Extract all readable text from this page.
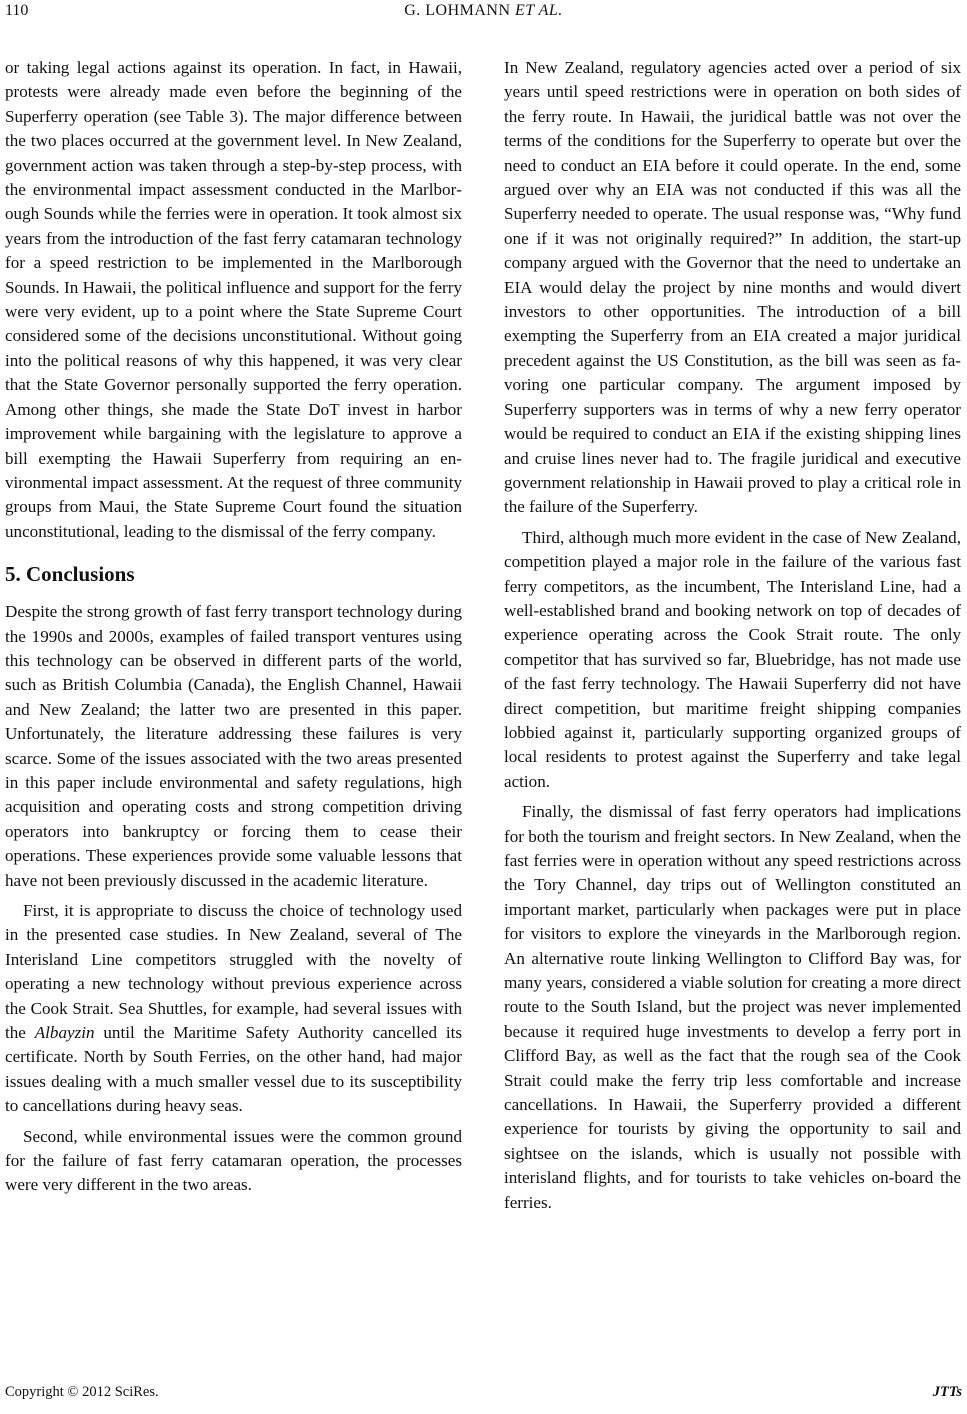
110	G. LOHMANN ET AL.

or taking legal actions against its operation. In fact, in Hawaii, protests were already made even before the beginning of the Superferry operation (see Table 3). The major difference between the two places occurred at the government level. In New Zealand, government action was taken through a step-by-step process, with the environmental impact assessment conducted in the Marlborough Sounds while the ferries were in operation. It took almost six years from the introduction of the fast ferry catamaran technology for a speed restriction to be implemented in the Marlborough Sounds. In Hawaii, the political influence and support for the ferry were very evident, up to a point where the State Supreme Court considered some of the decisions unconstitutional. Without going into the political reasons of why this happened, it was very clear that the State Governor personally supported the ferry operation. Among other things, she made the State DoT invest in harbor improvement while bargaining with the legislature to approve a bill exempting the Hawaii Superferry from requiring an environmental impact assessment. At the request of three community groups from Maui, the State Supreme Court found the situation unconstitutional, leading to the dismissal of the ferry company.

5. Conclusions

Despite the strong growth of fast ferry transport technology during the 1990s and 2000s, examples of failed transport ventures using this technology can be observed in different parts of the world, such as British Columbia (Canada), the English Channel, Hawaii and New Zealand; the latter two are presented in this paper. Unfortunately, the literature addressing these failures is very scarce. Some of the issues associated with the two areas presented in this paper include environmental and safety regulations, high acquisition and operating costs and strong competition driving operators into bankruptcy or forcing them to cease their operations. These experiences provide some valuable lessons that have not been previously discussed in the academic literature.

First, it is appropriate to discuss the choice of technology used in the presented case studies. In New Zealand, several of The Interisland Line competitors struggled with the novelty of operating a new technology without previous experience across the Cook Strait. Sea Shuttles, for example, had several issues with the Albayzin until the Maritime Safety Authority cancelled its certificate. North by South Ferries, on the other hand, had major issues dealing with a much smaller vessel due to its susceptibility to cancellations during heavy seas.

Second, while environmental issues were the common ground for the failure of fast ferry catamaran operation, the processes were very different in the two areas.

In New Zealand, regulatory agencies acted over a period of six years until speed restrictions were in operation on both sides of the ferry route. In Hawaii, the juridical battle was not over the terms of the conditions for the Superferry to operate but over the need to conduct an EIA before it could operate. In the end, some argued over why an EIA was not conducted if this was all the Superferry needed to operate. The usual response was, “Why fund one if it was not originally required?” In addition, the start-up company argued with the Governor that the need to undertake an EIA would delay the project by nine months and would divert investors to other opportunities. The introduction of a bill exempting the Superferry from an EIA created a major juridical precedent against the US Constitution, as the bill was seen as favoring one particular company. The argument imposed by Superferry supporters was in terms of why a new ferry operator would be required to conduct an EIA if the existing shipping lines and cruise lines never had to. The fragile juridical and executive government relationship in Hawaii proved to play a critical role in the failure of the Superferry.

Third, although much more evident in the case of New Zealand, competition played a major role in the failure of the various fast ferry competitors, as the incumbent, The Interisland Line, had a well-established brand and booking network on top of decades of experience operating across the Cook Strait route. The only competitor that has survived so far, Bluebridge, has not made use of the fast ferry technology. The Hawaii Superferry did not have direct competition, but maritime freight shipping companies lobbied against it, particularly supporting organized groups of local residents to protest against the Superferry and take legal action.

Finally, the dismissal of fast ferry operators had implications for both the tourism and freight sectors. In New Zealand, when the fast ferries were in operation without any speed restrictions across the Tory Channel, day trips out of Wellington constituted an important market, particularly when packages were put in place for visitors to explore the vineyards in the Marlborough region. An alternative route linking Wellington to Clifford Bay was, for many years, considered a viable solution for creating a more direct route to the South Island, but the project was never implemented because it required huge investments to develop a ferry port in Clifford Bay, as well as the fact that the rough sea of the Cook Strait could make the ferry trip less comfortable and increase cancellations. In Hawaii, the Superferry provided a different experience for tourists by giving the opportunity to sail and sightsee on the islands, which is usually not possible with interisland flights, and for tourists to take vehicles on-board the ferries.

Copyright © 2012 SciRes.	JTTs
